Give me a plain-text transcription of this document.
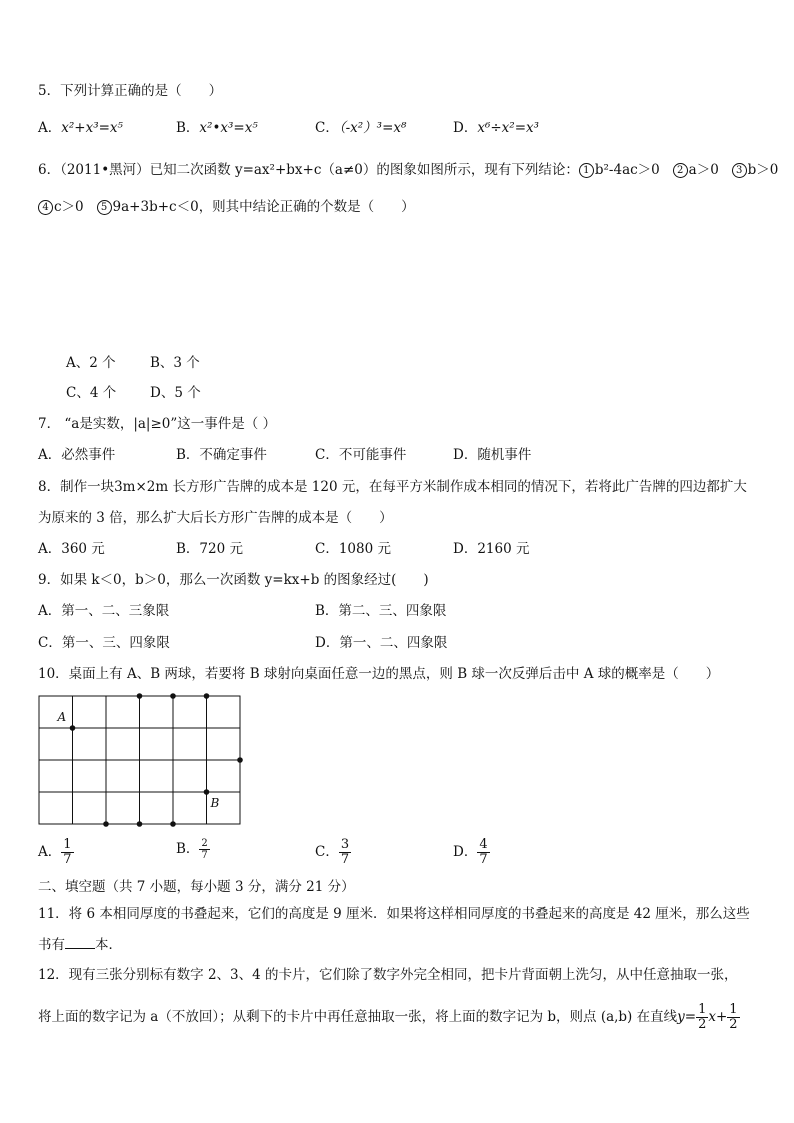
5．下列计算正确的是（　　）
A．x²+x³=x⁵	B．x²•x³=x⁵	C．（-x²）³=x⁸	D．x⁶÷x²=x³
6．（2011•黑河）已知二次函数 y=ax²+bx+c（a≠0）的图象如图所示，现有下列结论： 1 b²-4ac＞0 2 a＞0 3 b＞0
4 c＞0 5 9a+3b+c＜0，则其中结论正确的个数是（　　）
A、2 个	B、3 个
C、4 个	D、5 个
7． “a是实数，|a|≥0”这一事件是（ ）
A．必然事件	B．不确定事件	C．不可能事件	D．随机事件
8．制作一块3m×2m 长方形广告牌的成本是 120 元，在每平方米制作成本相同的情况下，若将此广告牌的四边都扩大
为原来的 3 倍，那么扩大后长方形广告牌的成本是（　　）
A．360 元	B．720 元	C．1080 元	D．2160 元
9．如果 k＜0，b＞0，那么一次函数 y=kx+b 的图象经过(　　)
A．第一、二、三象限	B．第二、三、四象限
C．第一、三、四象限	D．第一、二、四象限
10．桌面上有 A、B 两球，若要将 B 球射向桌面任意一边的黑点，则 B 球一次反弹后击中 A 球的概率是（　　）
A
B
A． $\frac{1}{7}$	B． $\frac{2}{7}$	C． $\frac{3}{7}$	D． $\frac{4}{7}$
二、填空题（共 7 小题，每小题 3 分，满分 21 分）
11．将 6 本相同厚度的书叠起来，它们的高度是 9 厘米．如果将这样相同厚度的书叠起来的高度是 42 厘米，那么这些
书有 本．
12．现有三张分别标有数字 2、3、4 的卡片，它们除了数字外完全相同，把卡片背面朝上洗匀，从中任意抽取一张，
将上面的数字记为 a（不放回）；从剩下的卡片中再任意抽取一张，将上面的数字记为 b，则点 (a,b) 在直线$y= \frac{1}{2} x+ \frac{1}{2}$
